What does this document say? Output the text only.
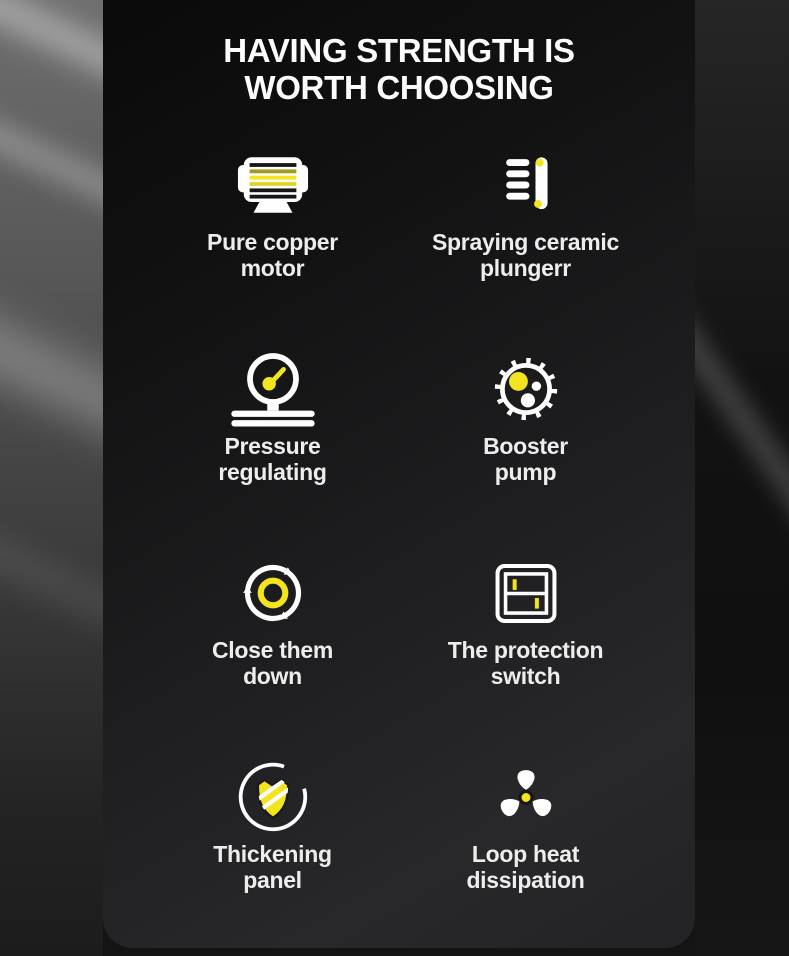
HAVING STRENGTH IS
WORTH CHOOSING
Pure copper
motor
Spraying ceramic
plungerr
Pressure
regulating
Booster
pump
Close them
down
The protection
switch
Thickening
panel
Loop heat
dissipation
